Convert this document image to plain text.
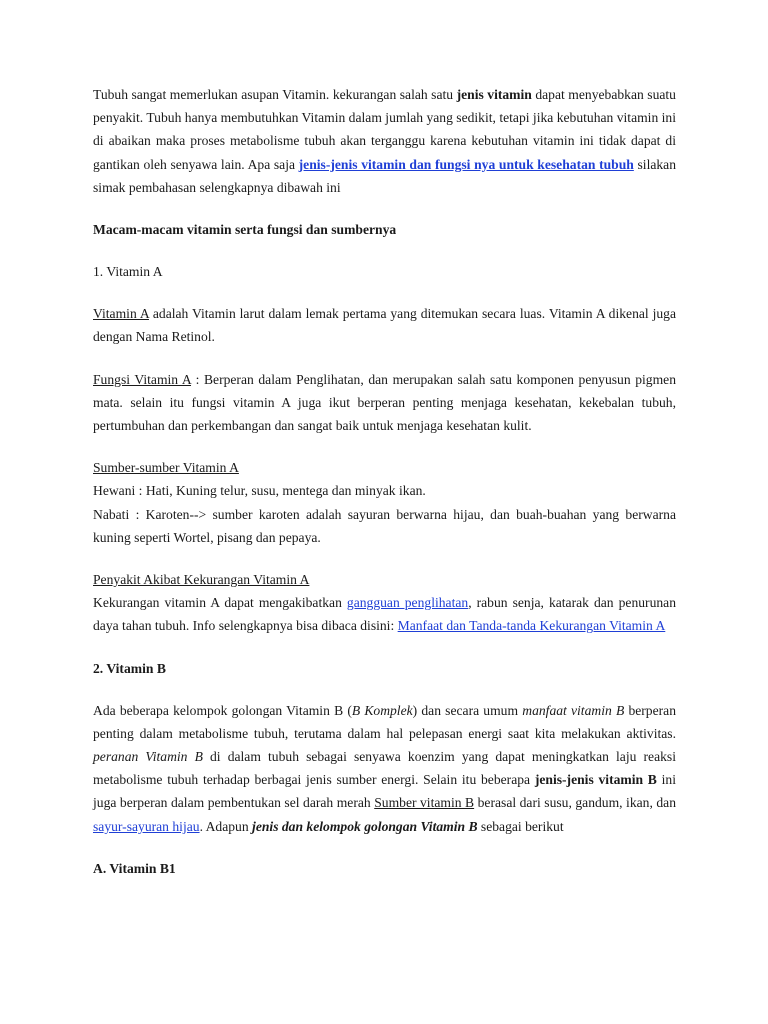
Tubuh sangat memerlukan asupan Vitamin. kekurangan salah satu jenis vitamin dapat menyebabkan suatu penyakit. Tubuh hanya membutuhkan Vitamin dalam jumlah yang sedikit, tetapi jika kebutuhan vitamin ini di abaikan maka proses metabolisme tubuh akan terganggu karena kebutuhan vitamin ini tidak dapat di gantikan oleh senyawa lain. Apa saja jenis-jenis vitamin dan fungsi nya untuk kesehatan tubuh silakan simak pembahasan selengkapnya dibawah ini

Macam-macam vitamin serta fungsi dan sumbernya

1. Vitamin A

Vitamin A adalah Vitamin larut dalam lemak pertama yang ditemukan secara luas. Vitamin A dikenal juga dengan Nama Retinol.

Fungsi Vitamin A : Berperan dalam Penglihatan, dan merupakan salah satu komponen penyusun pigmen mata. selain itu fungsi vitamin A juga ikut berperan penting menjaga kesehatan, kekebalan tubuh, pertumbuhan dan perkembangan dan sangat baik untuk menjaga kesehatan kulit.

Sumber-sumber Vitamin A

Hewani : Hati, Kuning telur, susu, mentega dan minyak ikan.

Nabati : Karoten--> sumber karoten adalah sayuran berwarna hijau, dan buah-buahan yang berwarna kuning seperti Wortel, pisang dan pepaya.

Penyakit Akibat Kekurangan Vitamin A

Kekurangan vitamin A dapat mengakibatkan gangguan penglihatan, rabun senja, katarak dan penurunan daya tahan tubuh. Info selengkapnya bisa dibaca disini: Manfaat dan Tanda-tanda Kekurangan Vitamin A

2. Vitamin B

Ada beberapa kelompok golongan Vitamin B (B Komplek) dan secara umum manfaat vitamin B berperan penting dalam metabolisme tubuh, terutama dalam hal pelepasan energi saat kita melakukan aktivitas. peranan Vitamin B di dalam tubuh sebagai senyawa koenzim yang dapat meningkatkan laju reaksi metabolisme tubuh terhadap berbagai jenis sumber energi. Selain itu beberapa jenis-jenis vitamin B ini juga berperan dalam pembentukan sel darah merah Sumber vitamin B berasal dari susu, gandum, ikan, dan sayur-sayuran hijau. Adapun jenis dan kelompok golongan Vitamin B sebagai berikut

A. Vitamin B1
